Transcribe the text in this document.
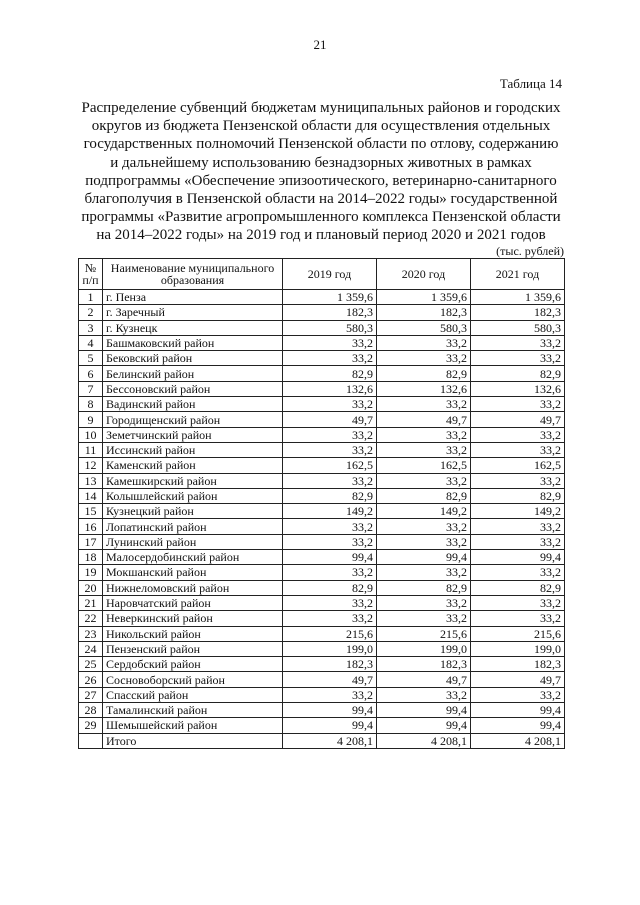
21
Таблица 14
Распределение субвенций бюджетам муниципальных районов и городских округов из бюджета Пензенской области для осуществления отдельных государственных полномочий Пензенской области по отлову, содержанию и дальнейшему использованию безнадзорных животных в рамках подпрограммы «Обеспечение эпизоотического, ветеринарно-санитарного благополучия в Пензенской области на 2014–2022 годы» государственной программы «Развитие агропромышленного комплекса Пензенской области на 2014–2022 годы» на 2019 год и плановый период 2020 и 2021 годов
(тыс. рублей)
№ п/п	Наименование муниципального образования	2019 год	2020 год	2021 год
1	г. Пенза	1 359,6	1 359,6	1 359,6
2	г. Заречный	182,3	182,3	182,3
3	г. Кузнецк	580,3	580,3	580,3
4	Башмаковский район	33,2	33,2	33,2
5	Бековский район	33,2	33,2	33,2
6	Белинский район	82,9	82,9	82,9
7	Бессоновский район	132,6	132,6	132,6
8	Вадинский район	33,2	33,2	33,2
9	Городищенский район	49,7	49,7	49,7
10	Земетчинский район	33,2	33,2	33,2
11	Иссинский район	33,2	33,2	33,2
12	Каменский район	162,5	162,5	162,5
13	Камешкирский район	33,2	33,2	33,2
14	Колышлейский район	82,9	82,9	82,9
15	Кузнецкий район	149,2	149,2	149,2
16	Лопатинский район	33,2	33,2	33,2
17	Лунинский район	33,2	33,2	33,2
18	Малосердобинский район	99,4	99,4	99,4
19	Мокшанский район	33,2	33,2	33,2
20	Нижнеломовский район	82,9	82,9	82,9
21	Наровчатский район	33,2	33,2	33,2
22	Неверкинский район	33,2	33,2	33,2
23	Никольский район	215,6	215,6	215,6
24	Пензенский район	199,0	199,0	199,0
25	Сердобский район	182,3	182,3	182,3
26	Сосновоборский район	49,7	49,7	49,7
27	Спасский район	33,2	33,2	33,2
28	Тамалинский район	99,4	99,4	99,4
29	Шемышейский район	99,4	99,4	99,4
	Итого	4 208,1	4 208,1	4 208,1
